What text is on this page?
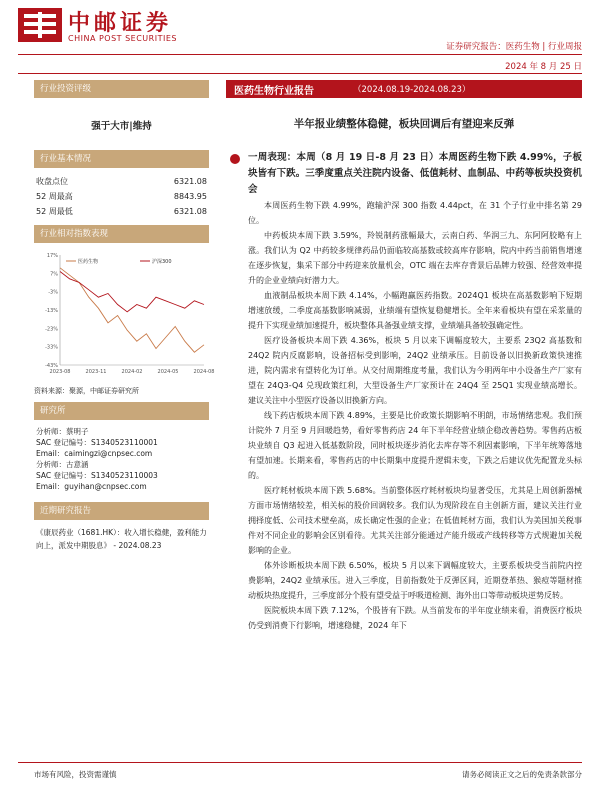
中邮证券
CHINA POST SECURITIES
证券研究报告：医药生物 | 行业周报
2024 年 8 月 25 日
行业投资评级
强于大市|维持
行业基本情况
收盘点位	6321.08
52 周最高	8843.95
52 周最低	6321.08
行业相对指数表现
17%
7%
-3%
-13%
-23%
-33%
-43%
2023-08	2023-11	2024-02	2024-05	2024-08
医药生物	沪深300
资料来源：聚源，中邮证券研究所
研究所
分析师：蔡明子
SAC 登记编号：S1340523110001
Email：caimingzi@cnpsec.com
分析师：古意涵
SAC 登记编号：S1340523110003
Email：guyihan@cnpsec.com
近期研究报告
《康辰药业（1681.HK）：收入增长稳健，盈利能力向上，派发中期股息》 - 2024.08.23
医药生物行业报告	（2024.08.19-2024.08.23）
半年报业绩整体稳健，板块回调后有望迎来反弹

一周表现：本周（8 月 19 日-8 月 23 日）本周医药生物下跌 4.99%，子板块皆有下跌。三季度重点关注院内设备、低值耗材、血制品、中药等板块投资机会

本周医药生物下跌 4.99%，跑输沪深 300 指数 4.44pct，在 31 个子行业中排名第 29 位。

中药板块本周下跌 3.59%，羚锐制药涨幅最大，云南白药、华润三九、东阿阿胶略有上涨。我们认为 Q2 中药较多规律药品仍面临较高基数或较高库存影响，院内中药当前销售增速在逐步恢复，集采下部分中药迎来放量机会，OTC 端在去库存背景后品牌力较强、经营效率提升的企业业绩向好潜力大。

血液制品板块本周下跌 4.14%，小幅跑赢医药指数。2024Q1 板块在高基数影响下短期增速放缓，二季度高基数影响减弱，业绩端有望恢复稳健增长。全年来看板块有望在采浆量的提升下实现业绩加速提升，板块整体具备强业绩支撑，业绩端具备较强确定性。

医疗设备板块本周下跌 4.36%，板块 5 月以来下调幅度较大，主要系 23Q2 高基数和 24Q2 院内反腐影响，设备招标受到影响，24Q2 业绩承压。目前设备以旧换新政策快速推进，院内需求有望转化为订单。从交付周期维度考量，我们认为今明两年中小设备生产厂家有望在 24Q3-Q4 兑现政策红利，大型设备生产厂家预计在 24Q4 至 25Q1 实现业绩高增长。建议关注中小型医疗设备以旧换新方向。

线下药店板块本周下跌 4.89%，主要是比价政策长期影响不明朗，市场情绪悲观。我们预计院外 7 月至 9 月回暖趋势，看好零售药店 24 年下半年经营业绩企稳改善趋势。零售药店板块业绩自 Q3 起进入低基数阶段，同时板块逐步消化去库存等不利因素影响，下半年统筹落地有望加速。长期来看，零售药店的中长期集中度提升逻辑未变，下跌之后建议优先配置龙头标的。

医疗耗材板块本周下跌 5.68%。当前整体医疗耗材板块均显著受压，尤其是上周创新器械方面市场情绪较差，相关标的股价回调较多。我们认为现阶段在自主创新方面，建议关注行业拥择度低、公司技术壁垒高，成长确定性强的企业；在低值耗材方面，我们认为美国加关税事件对不同企业的影响会区别看待。尤其关注部分能通过产能升级或产线转移等方式规避加关税影响的企业。

体外诊断板块本周下跌 6.50%，板块 5 月以来下调幅度较大，主要系板块受当前院内控费影响，24Q2 业绩承压。进入三季度，目前指数处于反弹区间，近期登革热、猴痘等题材推动板块热度提升，三季度部分个股有望受益于呼吸道检测、海外出口等带动板块逆势反转。

医院板块本周下跌 7.12%，个股皆有下跌。从当前发布的半年度业绩来看，消费医疗板块仍受到消费下行影响，增速稳健，2024 年下

市场有风险，投资需谨慎	请务必阅读正文之后的免责条款部分
